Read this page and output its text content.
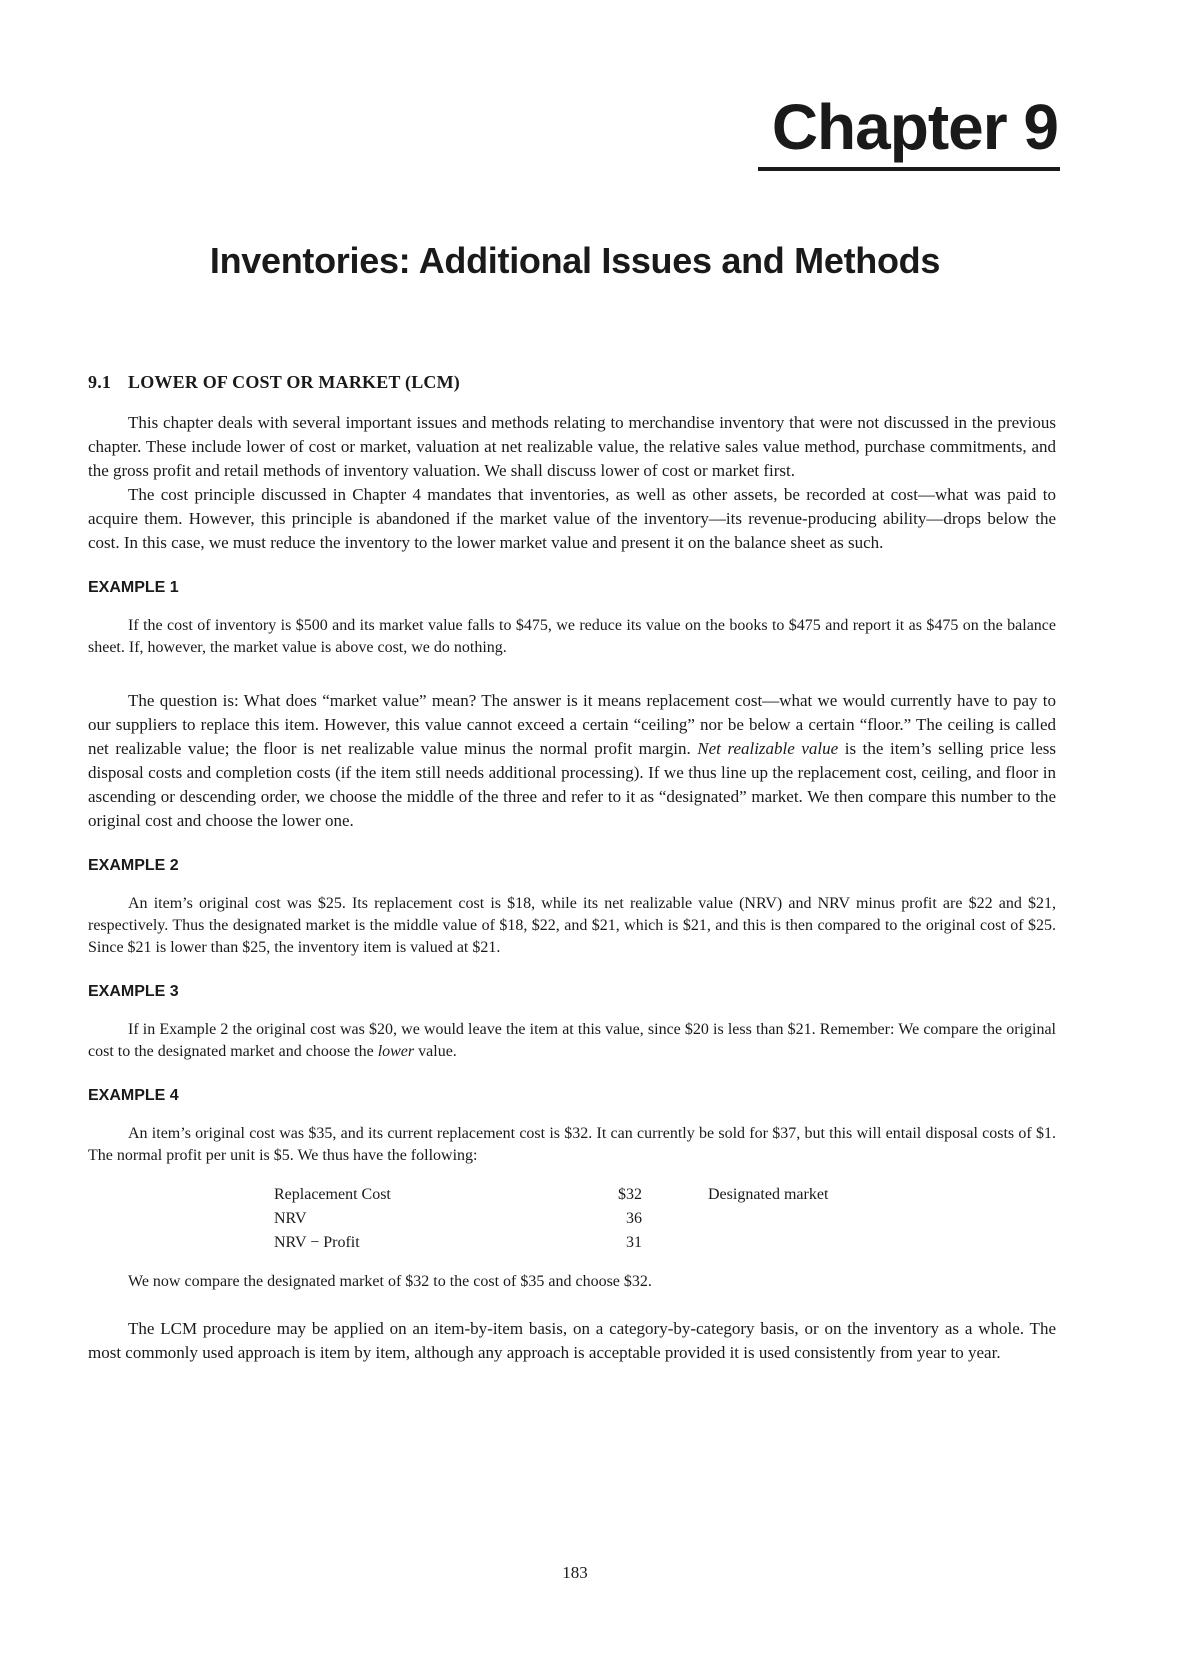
Chapter 9
Inventories: Additional Issues and Methods
9.1 LOWER OF COST OR MARKET (LCM)

This chapter deals with several important issues and methods relating to merchandise inventory that were not discussed in the previous chapter. These include lower of cost or market, valuation at net realizable value, the relative sales value method, purchase commitments, and the gross profit and retail methods of inventory valuation. We shall discuss lower of cost or market first.

The cost principle discussed in Chapter 4 mandates that inventories, as well as other assets, be recorded at cost—what was paid to acquire them. However, this principle is abandoned if the market value of the inventory—its revenue-producing ability—drops below the cost. In this case, we must reduce the inventory to the lower market value and present it on the balance sheet as such.

EXAMPLE 1

If the cost of inventory is $500 and its market value falls to $475, we reduce its value on the books to $475 and report it as $475 on the balance sheet. If, however, the market value is above cost, we do nothing.

The question is: What does “market value” mean? The answer is it means replacement cost—what we would currently have to pay to our suppliers to replace this item. However, this value cannot exceed a certain “ceiling” nor be below a certain “floor.” The ceiling is called net realizable value; the floor is net realizable value minus the normal profit margin. Net realizable value is the item’s selling price less disposal costs and completion costs (if the item still needs additional processing). If we thus line up the replacement cost, ceiling, and floor in ascending or descending order, we choose the middle of the three and refer to it as “designated” market. We then compare this number to the original cost and choose the lower one.

EXAMPLE 2

An item’s original cost was $25. Its replacement cost is $18, while its net realizable value (NRV) and NRV minus profit are $22 and $21, respectively. Thus the designated market is the middle value of $18, $22, and $21, which is $21, and this is then compared to the original cost of $25. Since $21 is lower than $25, the inventory item is valued at $21.

EXAMPLE 3

If in Example 2 the original cost was $20, we would leave the item at this value, since $20 is less than $21. Remember: We compare the original cost to the designated market and choose the lower value.

EXAMPLE 4

An item’s original cost was $35, and its current replacement cost is $32. It can currently be sold for $37, but this will entail disposal costs of $1. The normal profit per unit is $5. We thus have the following:

Replacement Cost	$32	Designated market
NRV	36	
NRV − Profit	31	

We now compare the designated market of $32 to the cost of $35 and choose $32.

The LCM procedure may be applied on an item-by-item basis, on a category-by-category basis, or on the inventory as a whole. The most commonly used approach is item by item, although any approach is acceptable provided it is used consistently from year to year.

183
